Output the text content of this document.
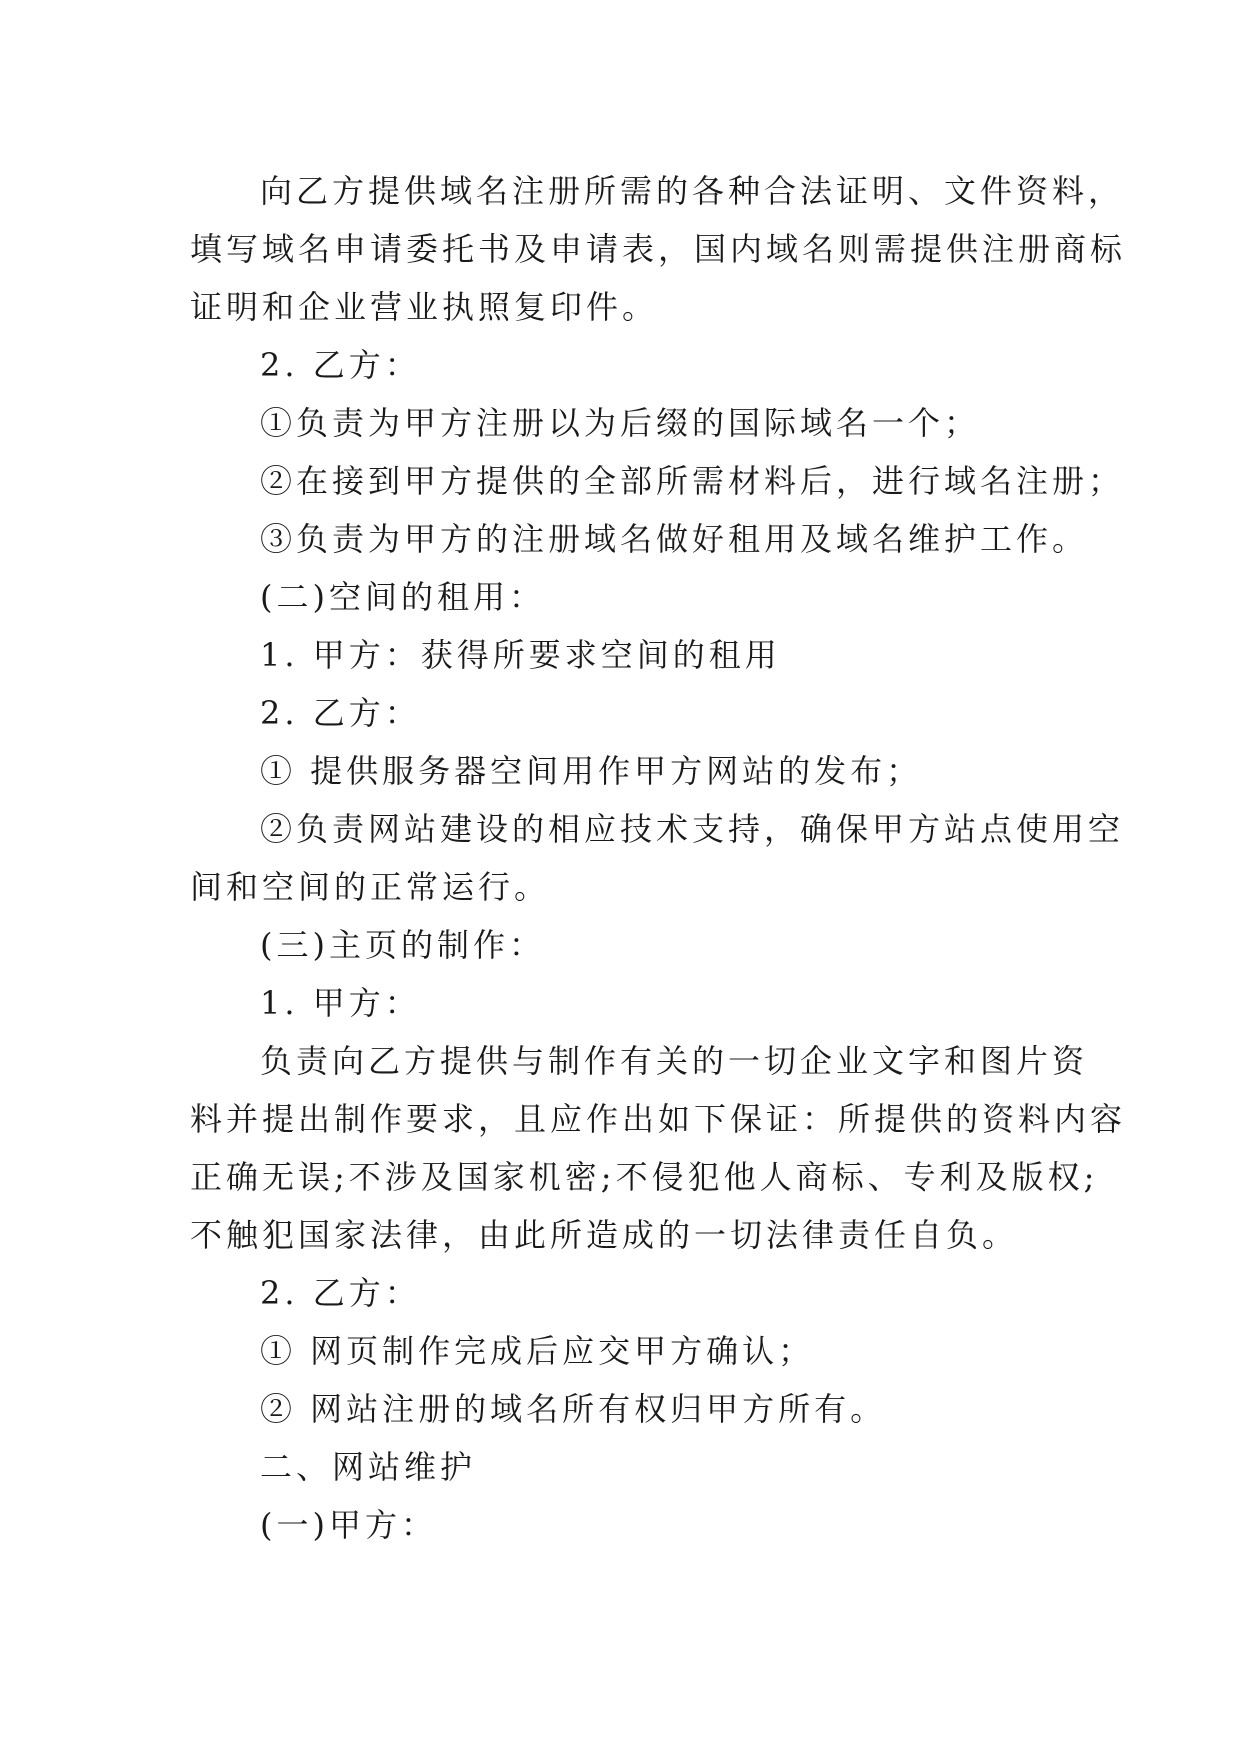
向乙方提供域名注册所需的各种合法证明、文件资料，
填写域名申请委托书及申请表，国内域名则需提供注册商标
证明和企业营业执照复印件。

2. 乙方：

①负责为甲方注册以为后缀的国际域名一个；

②在接到甲方提供的全部所需材料后，进行域名注册；

③负责为甲方的注册域名做好租用及域名维护工作。

(二)空间的租用：

1. 甲方：获得所要求空间的租用

2. 乙方：

① 提供服务器空间用作甲方网站的发布；

②负责网站建设的相应技术支持，确保甲方站点使用空
间和空间的正常运行。

(三)主页的制作：

1. 甲方：

负责向乙方提供与制作有关的一切企业文字和图片资
料并提出制作要求，且应作出如下保证：所提供的资料内容
正确无误;不涉及国家机密;不侵犯他人商标、专利及版权;
不触犯国家法律，由此所造成的一切法律责任自负。

2. 乙方：

① 网页制作完成后应交甲方确认；

② 网站注册的域名所有权归甲方所有。

二、网站维护

(一)甲方：
